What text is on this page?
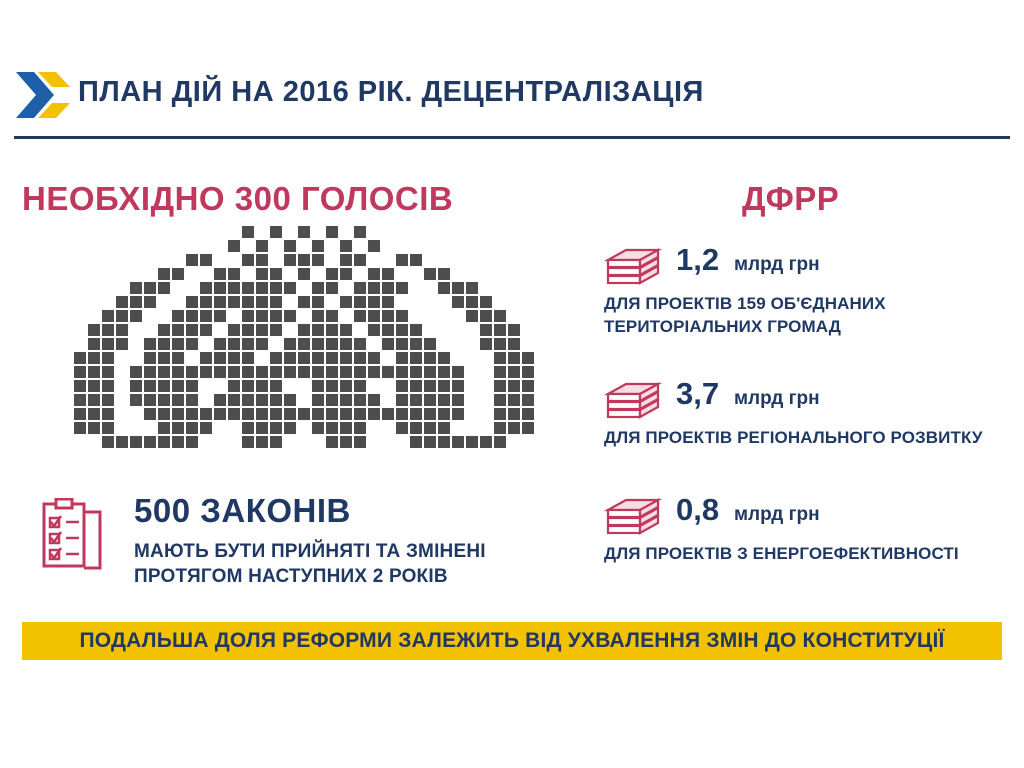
ПЛАН ДІЙ НА 2016 РІК. ДЕЦЕНТРАЛІЗАЦІЯ
НЕОБХІДНО 300 ГОЛОСІВ
500 ЗАКОНІВ
МАЮТЬ БУТИ ПРИЙНЯТІ ТА ЗМІНЕНІ
ПРОТЯГОМ НАСТУПНИХ 2 РОКІВ
ДФРР
1,2 млрд грн
ДЛЯ ПРОЕКТІВ 159 ОБ'ЄДНАНИХ
ТЕРИТОРІАЛЬНИХ ГРОМАД
3,7 млрд грн
ДЛЯ ПРОЕКТІВ РЕГІОНАЛЬНОГО РОЗВИТКУ
0,8 млрд грн
ДЛЯ ПРОЕКТІВ З ЕНЕРГОЕФЕКТИВНОСТІ
ПОДАЛЬША ДОЛЯ РЕФОРМИ ЗАЛЕЖИТЬ ВІД УХВАЛЕННЯ ЗМІН ДО КОНСТИТУЦІЇ
